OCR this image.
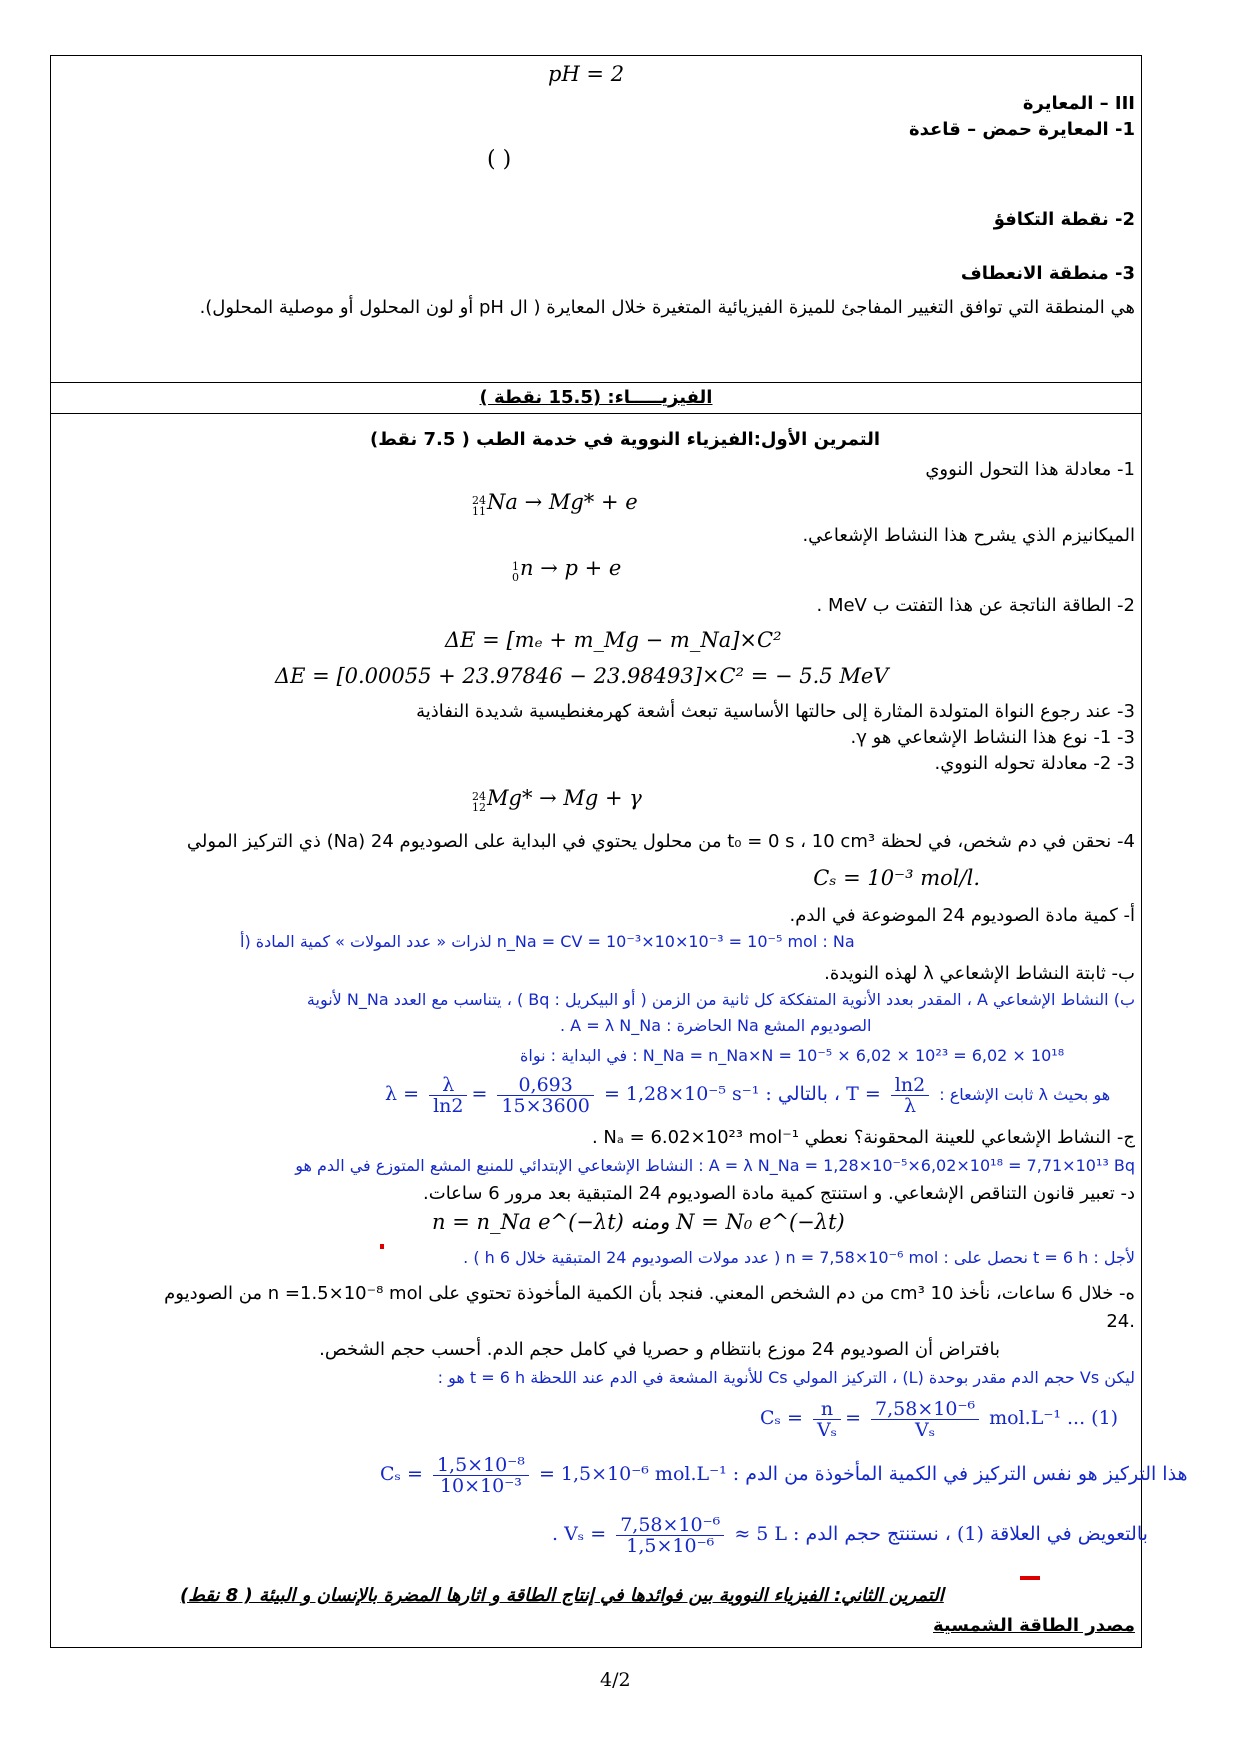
pH = 2
III – المعايرة
1- المعايرة حمض – قاعدة
( )
2- نقطة التكافؤ
3- منطقة الانعطاف
هي المنطقة التي توافق التغيير المفاجئ للميزة الفيزيائية المتغيرة خلال المعايرة ( ال pH أو لون المحلول أو موصلية المحلول).
الفيزيـــــاء: (15.5 نقطة )
التمرين الأول:الفيزياء النووية في خدمة الطب ( 7.5 نقط)
1- معادلة هذا التحول النووي
24
11Na → Mg* + e
الميكانيزم الذي يشرح هذا النشاط الإشعاعي.
1
0n → p + e
2- الطاقة الناتجة عن هذا التفتت ب MeV .
ΔE = [mₑ + m_Mg − m_Na]×C²
ΔE = [0.00055 + 23.97846 − 23.98493]×C² = − 5.5 MeV
3- عند رجوع النواة المتولدة المثارة إلى حالتها الأساسية تبعث أشعة كهرمغنطيسية شديدة النفاذية
3- 1- نوع هذا النشاط الإشعاعي هو γ.
3- 2- معادلة تحوله النووي.
24
12Mg* → Mg + γ
4- نحقن في دم شخص، في لحظة t₀ = 0 s ، 10 cm³ من محلول يحتوي في البداية على الصوديوم 24 (Na) ذي التركيز المولي
.Cₛ = 10⁻³ mol/l
أ- كمية مادة الصوديوم 24 الموضوعة في الدم.
n_Na = CV = 10⁻³×10×10⁻³ = 10⁻⁵ mol : Na لذرات « عدد المولات » كمية المادة (أ
ب- ثابتة النشاط الإشعاعي λ لهذه النويدة.
ب) النشاط الإشعاعي A ، المقدر بعدد الأنوية المتفككة كل ثانية من الزمن ( أو البيكريل : Bq ) ، يتناسب مع العدد N_Na لأنوية
الصوديوم المشع Na الحاضرة : A = λ N_Na .
N_Na = n_Na×N = 10⁻⁵ × 6,02 × 10²³ = 6,02 × 10¹⁸ : في البداية : نواة
$\lambda = \frac{\lambda}{\ln 2} = \frac{0,693}{15\times 3600} = 1,28\times 10^{-5}$ s⁻¹ : بالتالي ، $T = \frac{\ln 2}{\lambda}$ : ثابت الإشعاع λ هو بحيث
ج- النشاط الإشعاعي للعينة المحقونة؟ نعطي Nₐ = 6.02×10²³ mol⁻¹ .
A = λ N_Na = 1,28×10⁻⁵×6,02×10¹⁸ = 7,71×10¹³ Bq : النشاط الإشعاعي الإبتدائي للمنبع المشع المتوزع في الدم هو
د- تعبير قانون التناقص الإشعاعي. و استنتج كمية مادة الصوديوم 24 المتبقية بعد مرور 6 ساعات.
n = n_Na e^(−λt) ومنه N = N₀ e^(−λt)
لأجل : t = 6 h نحصل على : n = 7,58×10⁻⁶ mol ( عدد مولات الصوديوم 24 المتبقية خلال 6 h ) .
ه- خلال 6 ساعات، نأخذ 10 cm³ من دم الشخص المعني. فنجد بأن الكمية المأخوذة تحتوي على n =1.5×10⁻⁸ mol من الصوديوم
.24
بافتراض أن الصوديوم 24 موزع بانتظام و حصريا في كامل حجم الدم. أحسب حجم الشخص.
ليكن Vs حجم الدم مقدر بوحدة (L) ، التركيز المولي Cs للأنوية المشعة في الدم عند اللحظة t = 6 h هو :
$C_s = \frac{n}{\text{Vₛ}} = \frac{\text{7,58×10⁻⁶}}{\text{Vₛ}} mol.L^{-1}$ ... (1)
$C_s = \frac{\text{1,5×10⁻⁸}}{\text{10×10⁻³}} = 1,5\times 10^{-6}$ mol.L⁻¹ : هذا التركيز هو نفس التركيز في الكمية المأخوذة من الدم
. $V_s = \frac{\text{7,58×10⁻⁶}}{\text{1,5×10⁻⁶}} \approx 5$ L : بالتعويض في العلاقة (1) ، نستنتج حجم الدم
التمرين الثاني: الفيزياء النووية بين فوائدها في إنتاج الطاقة و اثارها المضرة بالإنسان و البيئة ( 8 نقط)
مصدر الطاقة الشمسية
4/2
